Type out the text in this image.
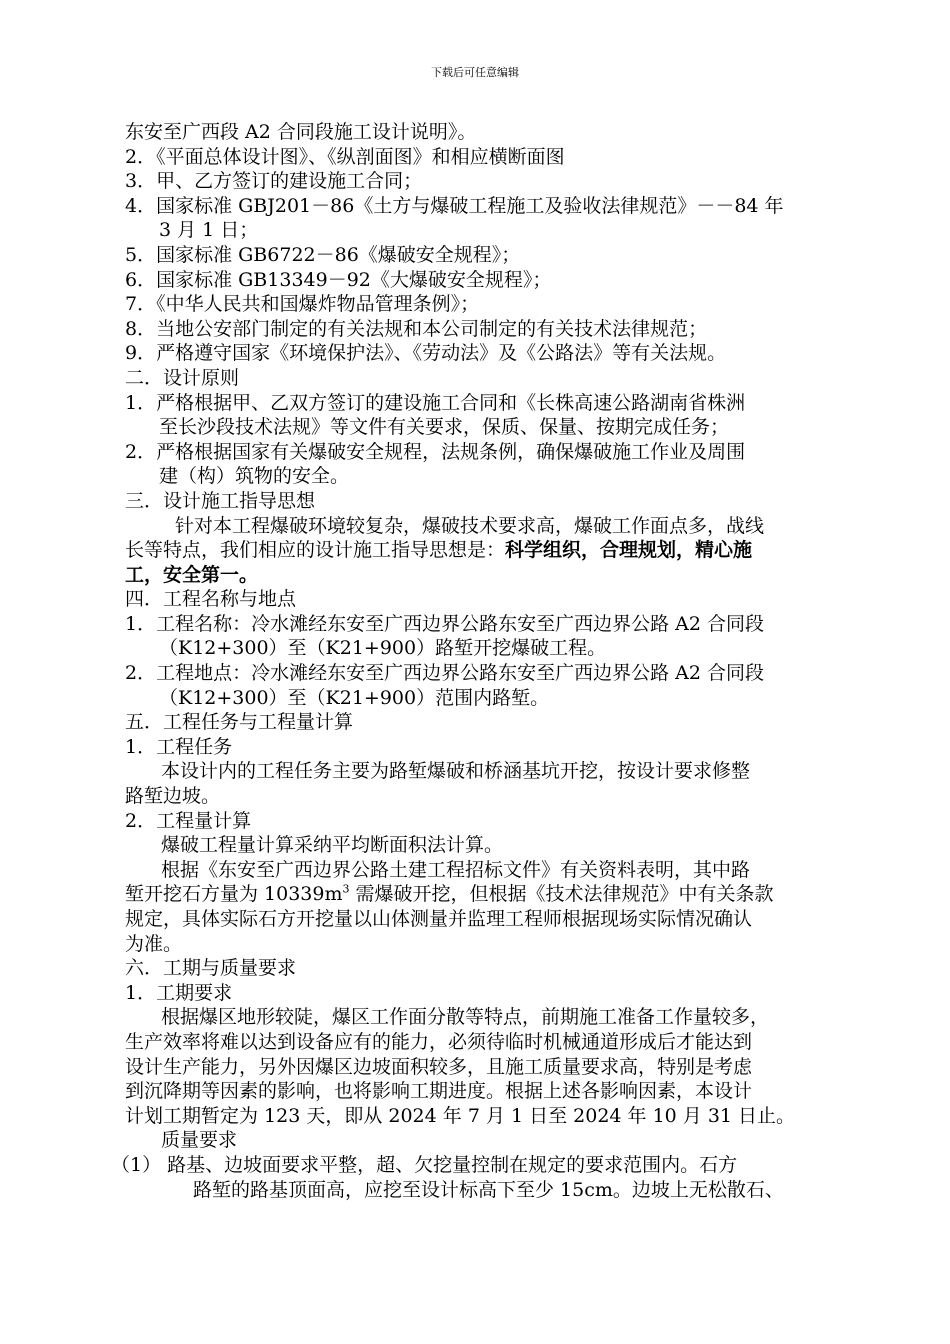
下载后可任意编辑
东安至广西段 A2 合同段施工设计说明》。
2．《平面总体设计图》、《纵剖面图》和相应横断面图
3．甲、乙方签订的建设施工合同；
4．国家标准 GBJ201－86《土方与爆破工程施工及验收法律规范》－－84 年
3 月 1 日；
5．国家标准 GB6722－86《爆破安全规程》；
6．国家标准 GB13349－92《大爆破安全规程》；
7．《中华人民共和国爆炸物品管理条例》；
8．当地公安部门制定的有关法规和本公司制定的有关技术法律规范；
9．严格遵守国家《环境保护法》、《劳动法》及《公路法》等有关法规。
二．设计原则
1．严格根据甲、乙双方签订的建设施工合同和《长株高速公路湖南省株洲
至长沙段技术法规》等文件有关要求，保质、保量、按期完成任务；
2．严格根据国家有关爆破安全规程，法规条例，确保爆破施工作业及周围
建（构）筑物的安全。
三．设计施工指导思想
针对本工程爆破环境较复杂，爆破技术要求高，爆破工作面点多，战线
长等特点，我们相应的设计施工指导思想是：科学组织，合理规划，精心施
工，安全第一。
四．工程名称与地点
1．工程名称：冷水滩经东安至广西边界公路东安至广西边界公路 A2 合同段
（K12+300）至（K21+900）路堑开挖爆破工程。
2．工程地点：冷水滩经东安至广西边界公路东安至广西边界公路 A2 合同段
（K12+300）至（K21+900）范围内路堑。
五．工程任务与工程量计算
1．工程任务
本设计内的工程任务主要为路堑爆破和桥涵基坑开挖，按设计要求修整
路堑边坡。
2．工程量计算
爆破工程量计算采纳平均断面积法计算。
根据《东安至广西边界公路土建工程招标文件》有关资料表明，其中路
堑开挖石方量为 $10339m^3$ 需爆破开挖，但根据《技术法律规范》中有关条款
规定，具体实际石方开挖量以山体测量并监理工程师根据现场实际情况确认
为准。
六．工期与质量要求
1．工期要求
根据爆区地形较陡，爆区工作面分散等特点，前期施工准备工作量较多，
生产效率将难以达到设备应有的能力，必须待临时机械通道形成后才能达到
设计生产能力，另外因爆区边坡面积较多，且施工质量要求高，特别是考虑
到沉降期等因素的影响，也将影响工期进度。根据上述各影响因素，本设计
计划工期暂定为 123 天，即从 2024 年 7 月 1 日至 2024 年 10 月 31 日止。
质量要求
（1） 路基、边坡面要求平整，超、欠挖量控制在规定的要求范围内。石方
路堑的路基顶面高，应挖至设计标高下至少 15cm。边坡上无松散石、
